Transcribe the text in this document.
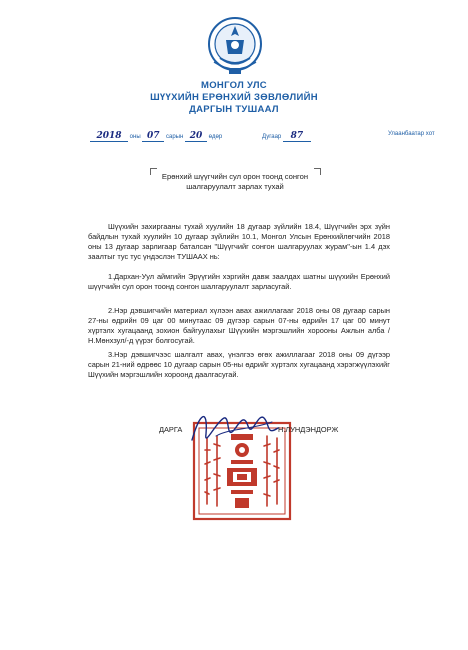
МОНГОЛ УЛС
ШҮҮХИЙН ЕРӨНХИЙ ЗӨВЛӨЛИЙН
ДАРГЫН ТУШААЛ
2018 оны 07 сарын 20 өдөр	Дугаар 87	Улаанбаатар хот
Ерөнхий шүүгчийн сул орон тоонд сонгон
шалгаруулалт зарлах тухай
Шүүхийн захиргааны тухай хуулийн 18 дугаар зүйлийн 18.4, Шүүгчийн эрх зүйн байдлын тухай хуулийн 10 дугаар зүйлийн 10.1, Монгол Улсын Ерөнхийлөгчийн 2018 оны 13 дугаар зарлигаар баталсан "Шүүгчийг сонгон шалгаруулах журам"-ын 1.4 дэх заалтыг тус тус үндэслэн ТУШААХ нь:
1.Дархан-Уул аймгийн Эрүүгийн хэргийн давж заалдах шатны шүүхийн Ерөнхий шүүгчийн сул орон тоонд сонгон шалгаруулалт зарласугай.
2.Нэр дэвшигчийн материал хүлээн авах ажиллагааг 2018 оны 08 дугаар сарын 27-ны өдрийн 09 цаг 00 минутаас 09 дүгээр сарын 07-ны өдрийн 17 цаг 00 минут хүртэлх хугацаанд зохион байгуулахыг Шүүхийн мэргэшлийн хорооны Ажлын алба /Н.Мөнхзул/-д үүрэг болгосугай.
3.Нэр дэвшигчээс шалгалт авах, үнэлгээ өгөх ажиллагааг 2018 оны 09 дүгээр сарын 21-ний өдрөөс 10 дугаар сарын 05-ны өдрийг хүртэлх хугацаанд хэрэгжүүлэхийг Шүүхийн мэргэшлийн хороонд даалгасугай.
ДАРГА	Н.ЛУНДЭНДОРЖ
